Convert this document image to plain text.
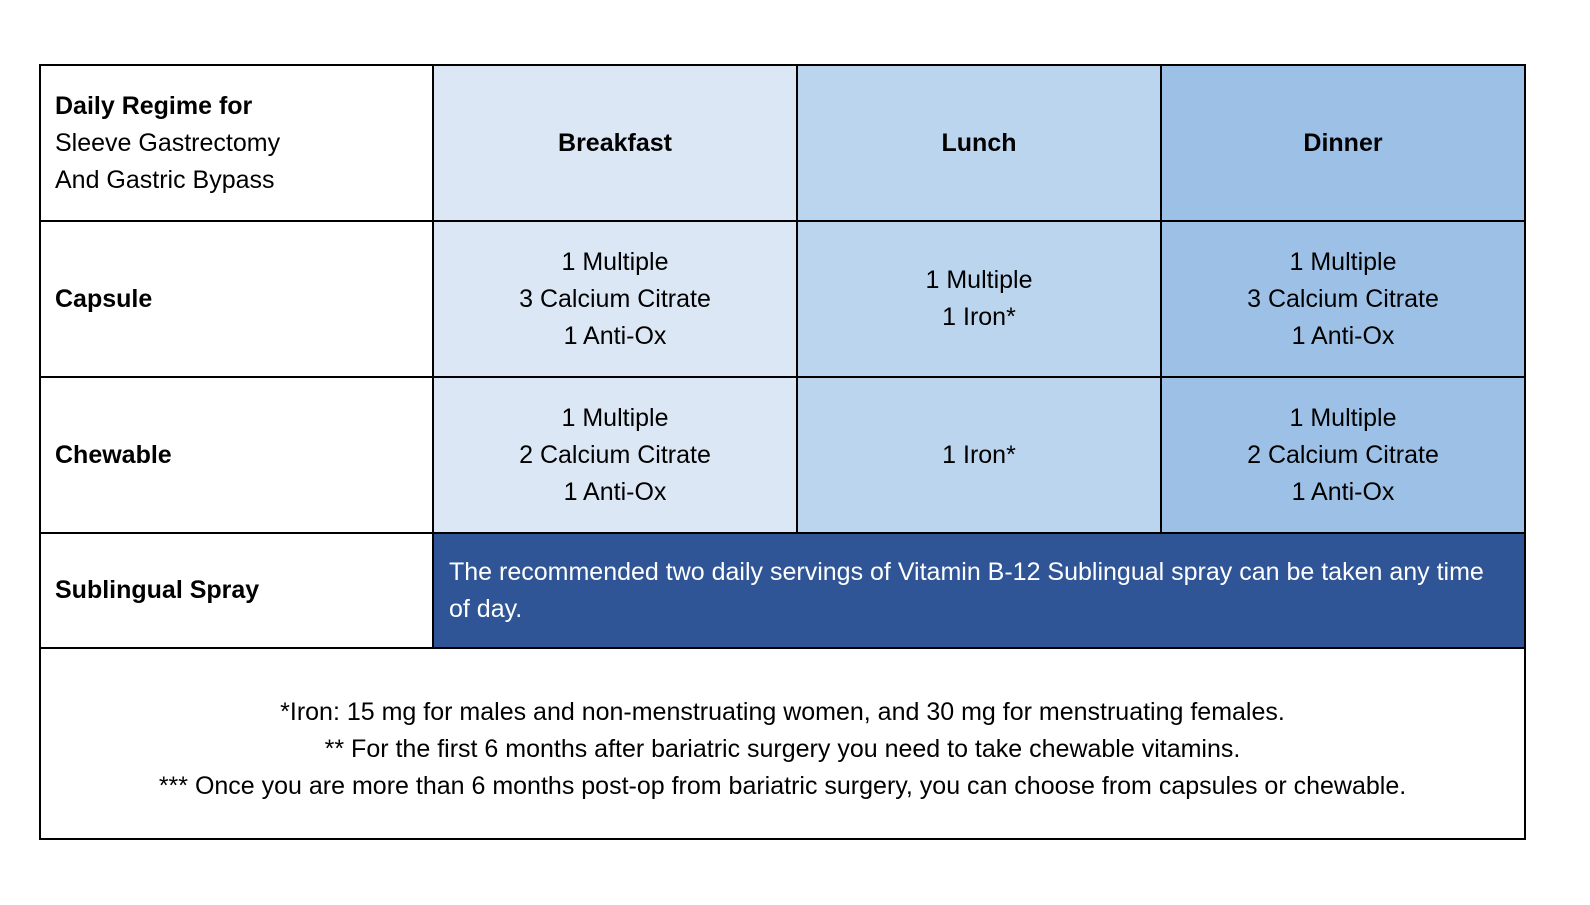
Daily Regime for
Sleeve Gastrectomy
And Gastric Bypass
Breakfast	Lunch	Dinner
Capsule
1 Multiple
3 Calcium Citrate
1 Anti-Ox
1 Multiple
1 Iron*
1 Multiple
3 Calcium Citrate
1 Anti-Ox
Chewable
1 Multiple
2 Calcium Citrate
1 Anti-Ox
1 Iron*
1 Multiple
2 Calcium Citrate
1 Anti-Ox
Sublingual Spray
The recommended two daily servings of Vitamin B-12 Sublingual spray can be taken any time of day.
*Iron: 15 mg for males and non-menstruating women, and 30 mg for menstruating females.
** For the first 6 months after bariatric surgery you need to take chewable vitamins.
*** Once you are more than 6 months post-op from bariatric surgery, you can choose from capsules or chewable.
